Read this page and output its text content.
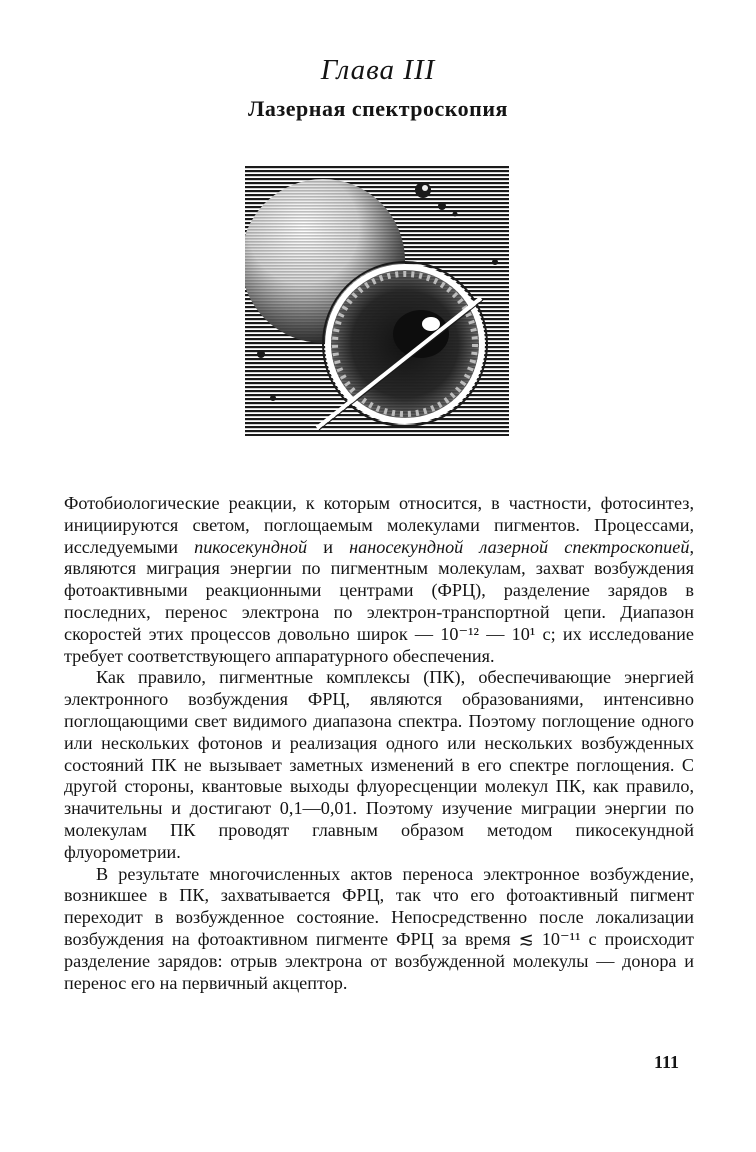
Глава III
Лазерная спектроскопия

Фотобиологические реакции, к которым относится, в частности, фотосинтез, инициируются светом, поглощаемым молекулами пигментов. Процессами, исследуемыми пикосекундной и наносекундной лазерной спектроскопией, являются миграция энергии по пигментным молекулам, захват возбуждения фотоактивными реакционными центрами (ФРЦ), разделение зарядов в последних, перенос электрона по электрон-транспортной цепи. Диапазон скоростей этих процессов довольно широк — 10⁻¹² — 10¹ с; их исследование требует соответствующего аппаратурного обеспечения.

Как правило, пигментные комплексы (ПК), обеспечивающие энергией электронного возбуждения ФРЦ, являются образованиями, интенсивно поглощающими свет видимого диапазона спектра. Поэтому поглощение одного или нескольких фотонов и реализация одного или нескольких возбужденных состояний ПК не вызывает заметных изменений в его спектре поглощения. С другой стороны, квантовые выходы флуоресценции молекул ПК, как правило, значительны и достигают 0,1—0,01. Поэтому изучение миграции энергии по молекулам ПК проводят главным образом методом пикосекундной флуорометрии.

В результате многочисленных актов переноса электронное возбуждение, возникшее в ПК, захватывается ФРЦ, так что его фотоактивный пигмент переходит в возбужденное состояние. Непосредственно после локализации возбуждения на фотоактивном пигменте ФРЦ за время ≲ 10⁻¹¹ с происходит разделение зарядов: отрыв электрона от возбужденной молекулы — донора и перенос его на первичный акцептор.

111
